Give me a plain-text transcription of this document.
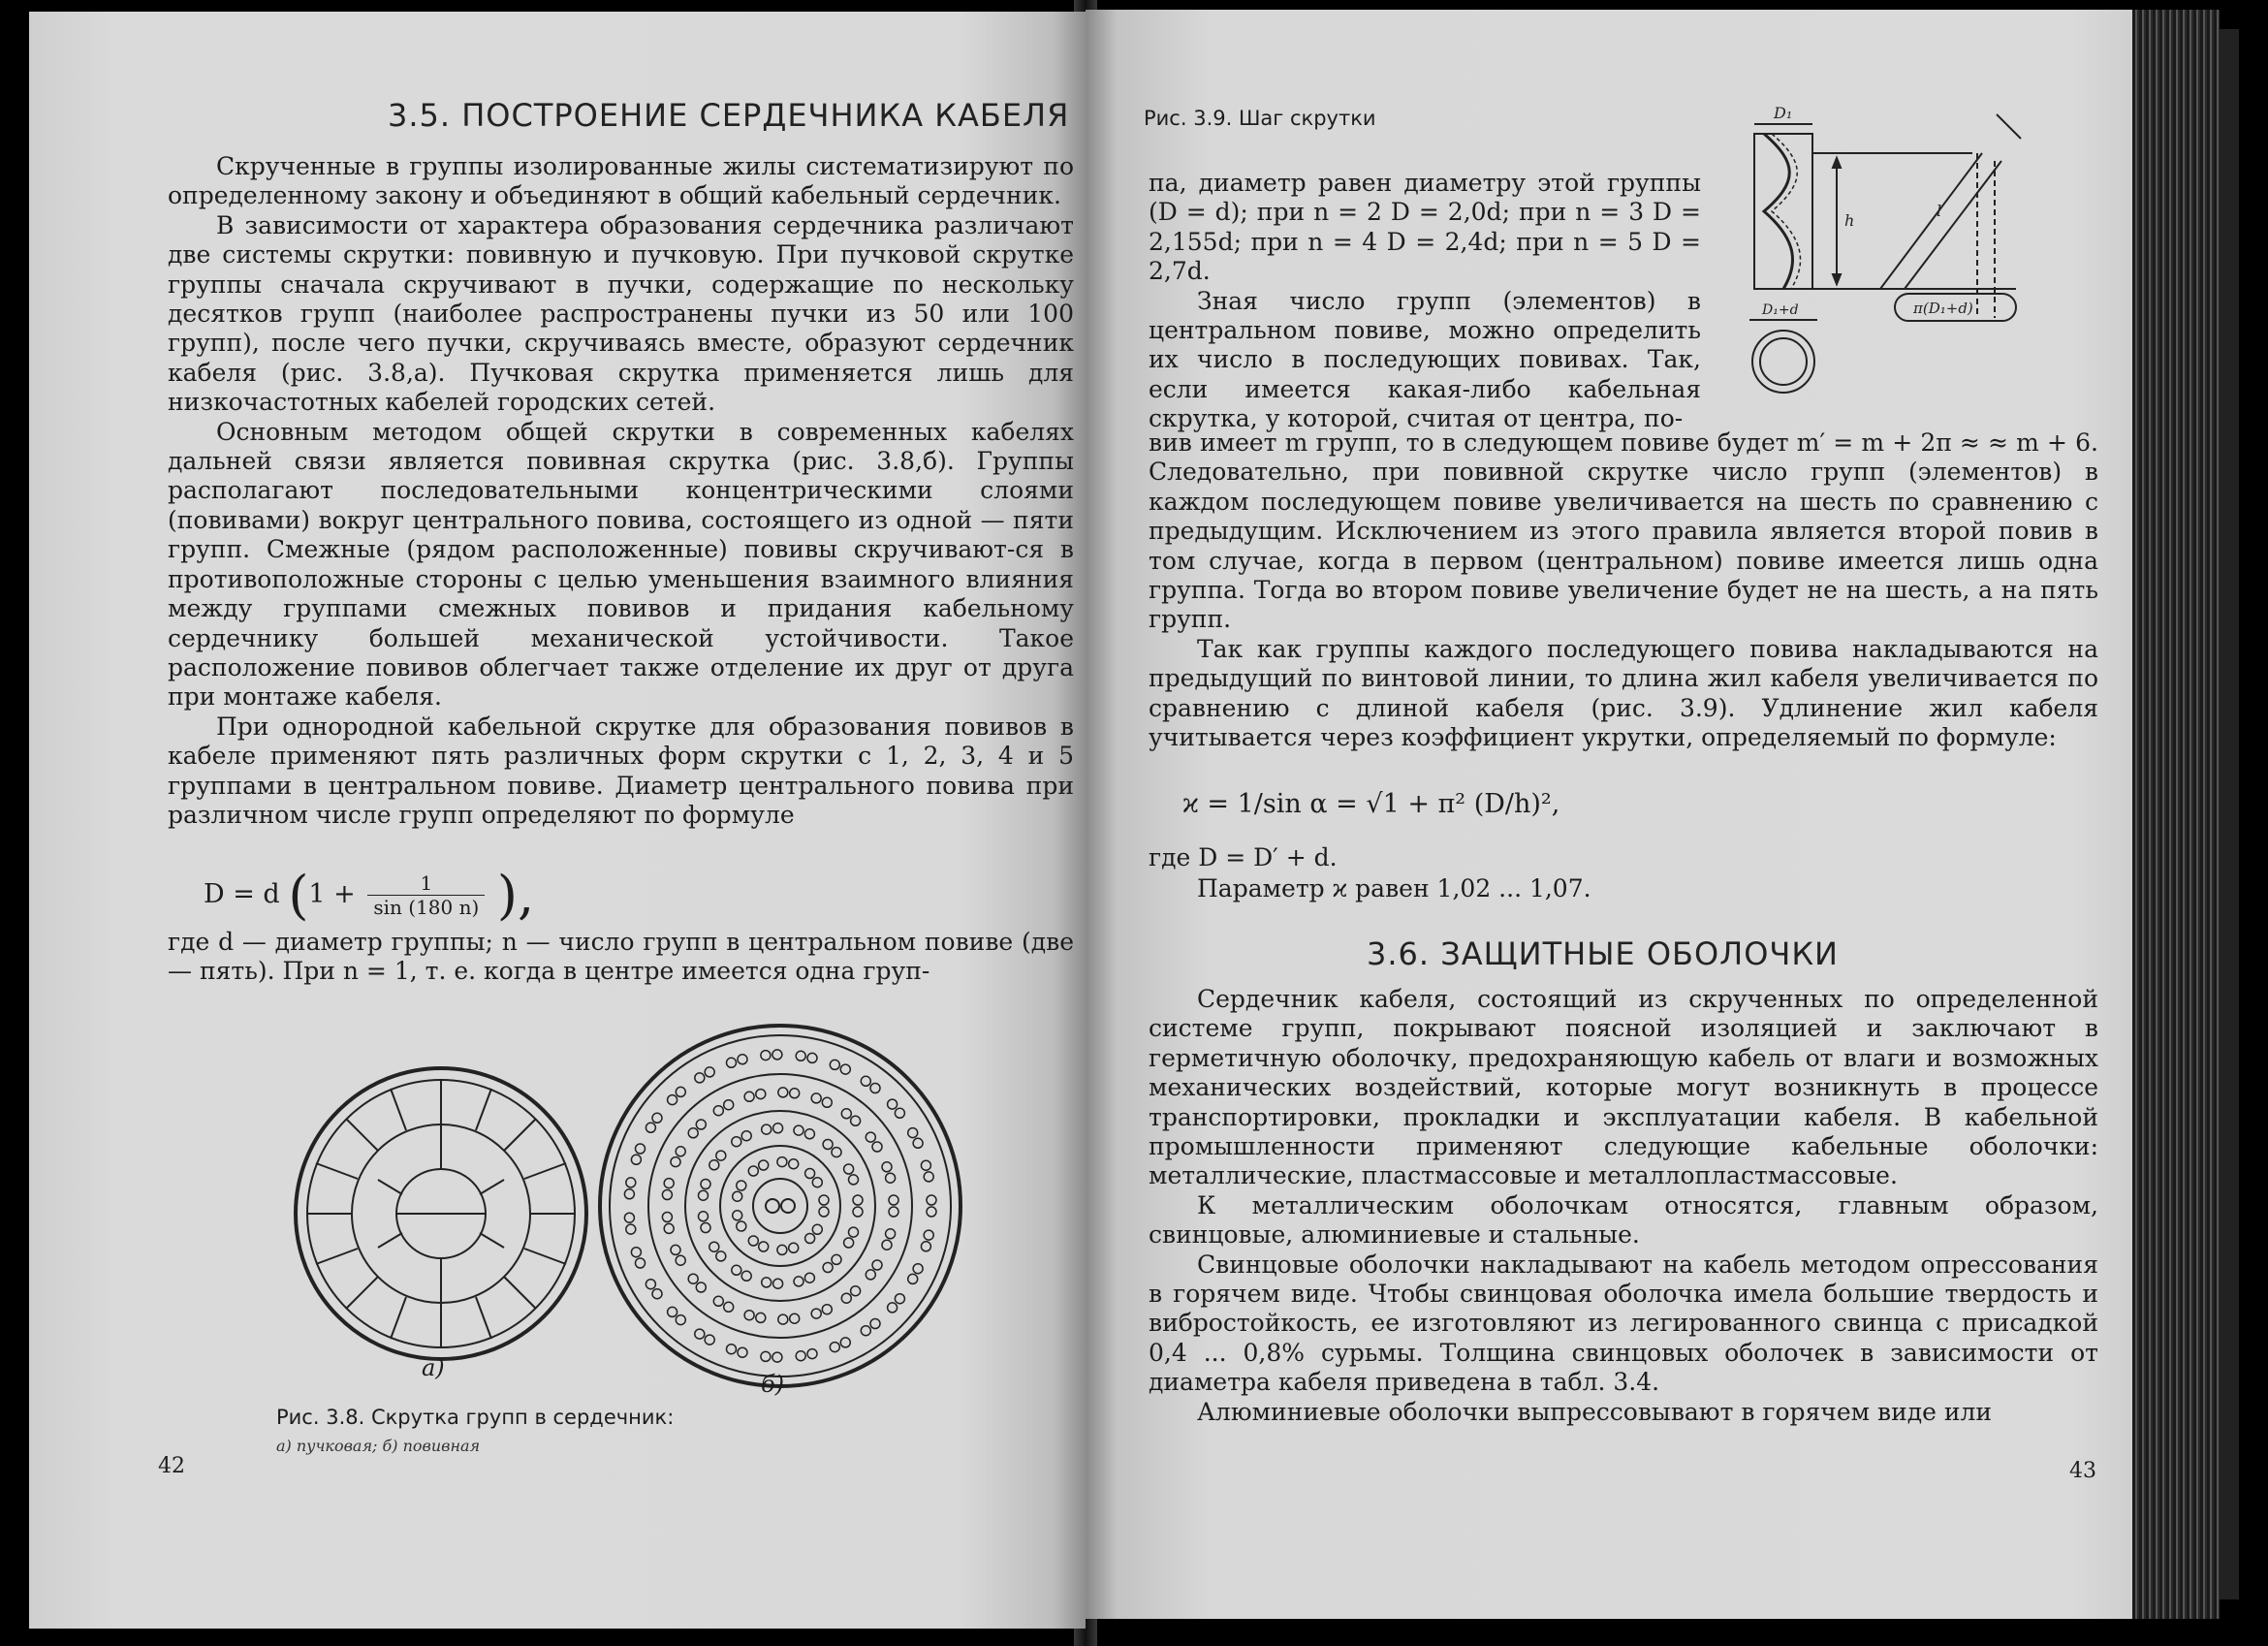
3.5. ПОСТРОЕНИЕ СЕРДЕЧНИКА КАБЕЛЯ

Скрученные в группы изолированные жилы систематизируют по определенному закону и объединяют в общий кабельный сердечник.

В зависимости от характера образования сердечника различают две системы скрутки: повивную и пучковую. При пучковой скрутке группы сначала скручивают в пучки, содержащие по нескольку десятков групп (наиболее распространены пучки из 50 или 100 групп), после чего пучки, скручиваясь вместе, образуют сердечник кабеля (рис. 3.8,а). Пучковая скрутка применяется лишь для низкочастотных кабелей городских сетей.

Основным методом общей скрутки в современных кабелях дальней связи является повивная скрутка (рис. 3.8,б). Группы располагают последовательными концентрическими слоями (повивами) вокруг центрального повива, состоящего из одной — пяти групп. Смежные (рядом расположенные) повивы скручивают-ся в противоположные стороны с целью уменьшения взаимного влияния между группами смежных повивов и придания кабельному сердечнику большей механической устойчивости. Такое расположение повивов облегчает также отделение их друг от друга при монтаже кабеля.

При однородной кабельной скрутке для образования повивов в кабеле применяют пять различных форм скрутки с 1, 2, 3, 4 и 5 группами в центральном повиве. Диаметр центрального повива при различном числе групп определяют по формуле

D = d ($1 + \frac{1}{\sin (180 n)}$ ),
где d — диаметр группы; n — число групп в центральном повиве (две — пять). При n = 1, т. е. когда в центре имеется одна груп-
а)
б)
Рис. 3.8. Скрутка групп в сердечник:
а) пучковая; б) повивная
42
Рис. 3.9. Шаг скрутки	D₁
h
l
D₁+d	π(D₁+d)

па, диаметр равен диаметру этой группы (D = d); при n = 2 D = 2,0d; при n = 3 D = 2,155d; при n = 4 D = 2,4d; при n = 5 D = 2,7d.

Зная число групп (элементов) в центральном повиве, можно определить их число в последующих повивах. Так, если имеется какая-либо кабельная скрутка, у которой, считая от центра, по-

вив имеет m групп, то в следующем повиве будет m′ = m + 2π ≈ ≈ m + 6. Следовательно, при повивной скрутке число групп (элементов) в каждом последующем повиве увеличивается на шесть по сравнению с предыдущим. Исключением из этого правила является второй повив в том случае, когда в первом (центральном) повиве имеется лишь одна группа. Тогда во втором повиве увеличение будет не на шесть, а на пять групп.

Так как группы каждого последующего повива накладываются на предыдущий по винтовой линии, то длина жил кабеля увеличивается по сравнению с длиной кабеля (рис. 3.9). Удлинение жил кабеля учитывается через коэффициент укрутки, определяемый по формуле:

ϰ = 1/sin α = √1 + π² (D/h)²,
где D = D′ + d.
Параметр ϰ равен 1,02 ... 1,07.
3.6. ЗАЩИТНЫЕ ОБОЛОЧКИ

Сердечник кабеля, состоящий из скрученных по определенной системе групп, покрывают поясной изоляцией и заключают в герметичную оболочку, предохраняющую кабель от влаги и возможных механических воздействий, которые могут возникнуть в процессе транспортировки, прокладки и эксплуатации кабеля. В кабельной промышленности применяют следующие кабельные оболочки: металлические, пластмассовые и металлопластмассовые.

К металлическим оболочкам относятся, главным образом, свинцовые, алюминиевые и стальные.

Свинцовые оболочки накладывают на кабель методом опрессования в горячем виде. Чтобы свинцовая оболочка имела большие твердость и вибростойкость, ее изготовляют из легированного свинца с присадкой 0,4 ... 0,8% сурьмы. Толщина свинцовых оболочек в зависимости от диаметра кабеля приведена в табл. 3.4.

Алюминиевые оболочки выпрессовывают в горячем виде или

43
